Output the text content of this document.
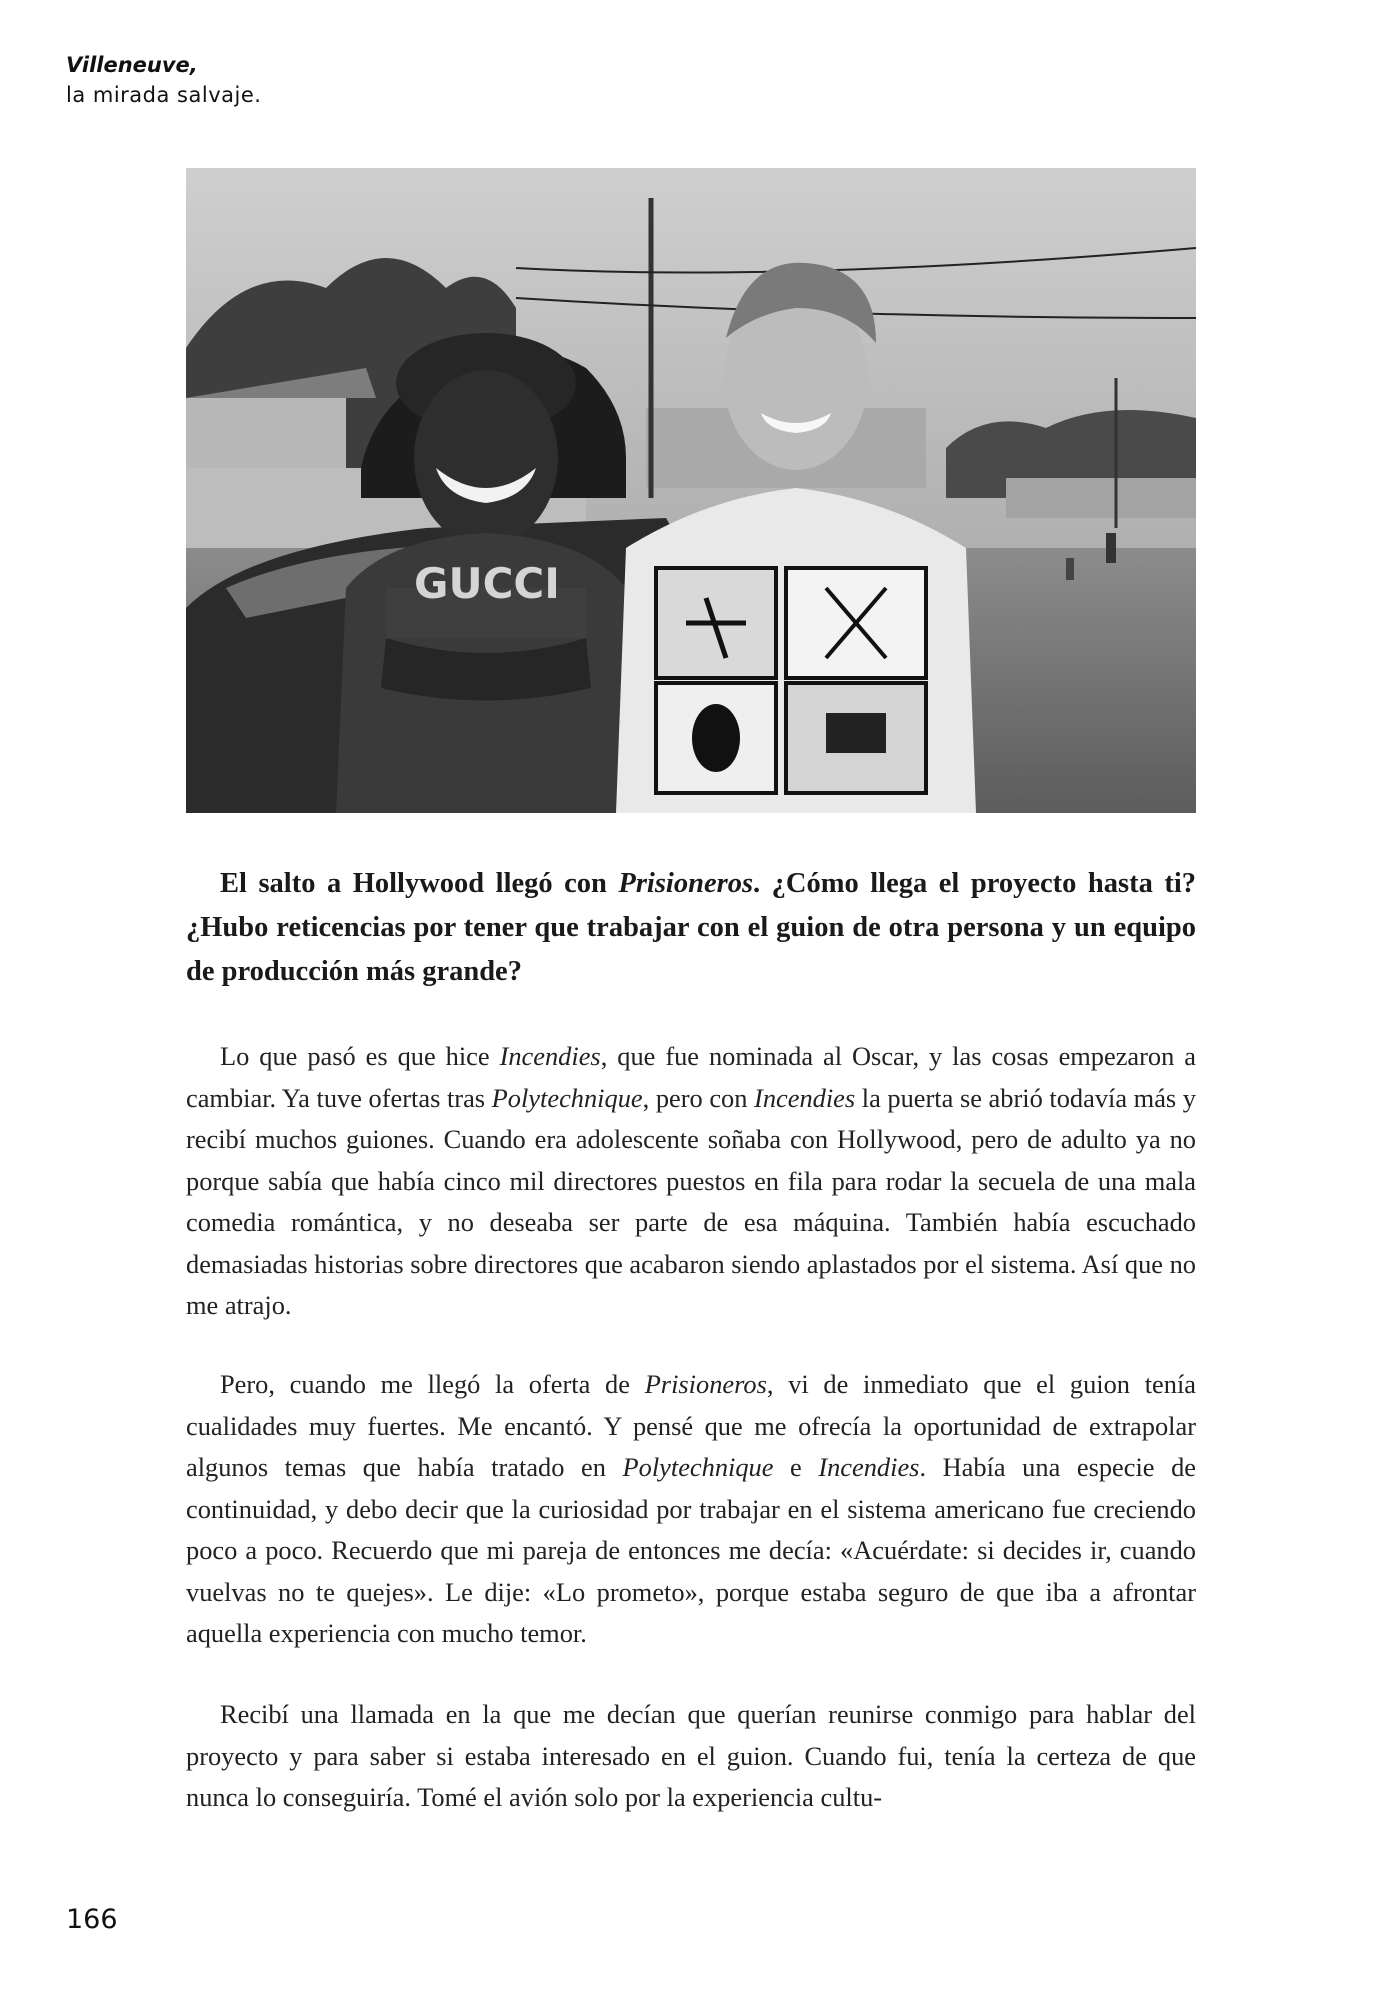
Villeneuve,
la mirada salvaje.
GUCCI

El salto a Hollywood llegó con Prisioneros. ¿Cómo llega el proyecto hasta ti? ¿Hubo reticencias por tener que trabajar con el guion de otra persona y un equipo de producción más grande?

Lo que pasó es que hice Incendies, que fue nominada al Oscar, y las cosas empezaron a cambiar. Ya tuve ofertas tras Polytechnique, pero con Incendies la puerta se abrió todavía más y recibí muchos guiones. Cuando era adolescente soñaba con Hollywood, pero de adulto ya no porque sabía que había cinco mil directores puestos en fila para rodar la secuela de una mala comedia romántica, y no deseaba ser parte de esa máquina. También había escuchado demasiadas historias sobre directores que acabaron siendo aplastados por el sistema. Así que no me atrajo.

Pero, cuando me llegó la oferta de Prisioneros, vi de inmediato que el guion tenía cualidades muy fuertes. Me encantó. Y pensé que me ofrecía la oportunidad de extrapolar algunos temas que había tratado en Polytechnique e Incendies. Había una especie de continuidad, y debo decir que la curiosidad por trabajar en el sistema americano fue creciendo poco a poco. Recuerdo que mi pareja de entonces me decía: «Acuérdate: si decides ir, cuando vuelvas no te quejes». Le dije: «Lo prometo», porque estaba seguro de que iba a afrontar aquella experiencia con mucho temor.

Recibí una llamada en la que me decían que querían reunirse conmigo para hablar del proyecto y para saber si estaba interesado en el guion. Cuando fui, tenía la certeza de que nunca lo conseguiría. Tomé el avión solo por la experiencia cultu-

166
